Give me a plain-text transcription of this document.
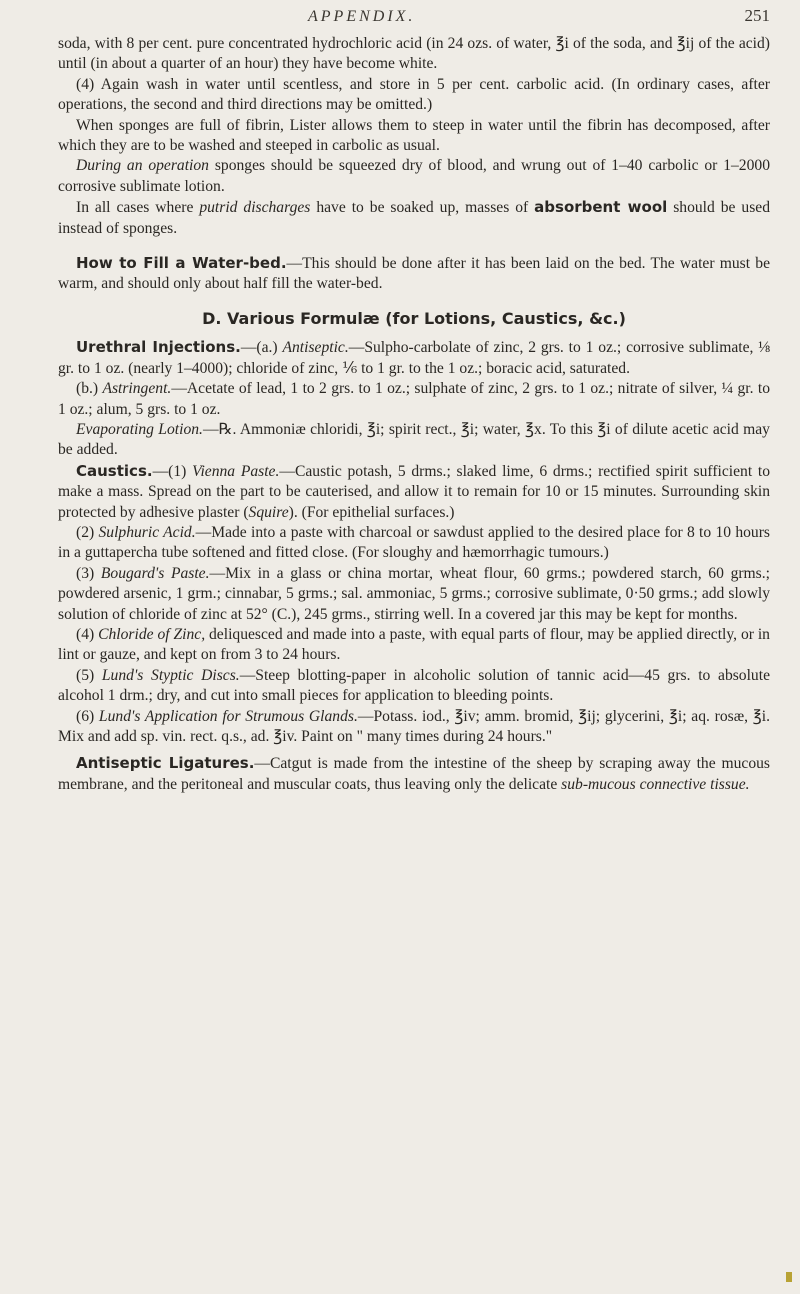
APPENDIX.	251

soda, with 8 per cent. pure concentrated hydrochloric acid (in 24 ozs. of water, ℥i of the soda, and ℥ij of the acid) until (in about a quarter of an hour) they have become white.

(4) Again wash in water until scentless, and store in 5 per cent. carbolic acid. (In ordinary cases, after operations, the second and third directions may be omitted.)

When sponges are full of fibrin, Lister allows them to steep in water until the fibrin has decomposed, after which they are to be washed and steeped in carbolic as usual.

During an operation sponges should be squeezed dry of blood, and wrung out of 1–40 carbolic or 1–2000 corrosive sublimate lotion.

In all cases where putrid discharges have to be soaked up, masses of absorbent wool should be used instead of sponges.

How to Fill a Water-bed.—This should be done after it has been laid on the bed. The water must be warm, and should only about half fill the water-bed.

D. Various Formulæ (for Lotions, Caustics, &c.)

Urethral Injections.—(a.) Antiseptic.—Sulpho-carbolate of zinc, 2 grs. to 1 oz.; corrosive sublimate, ⅛ gr. to 1 oz. (nearly 1–4000); chloride of zinc, ⅙ to 1 gr. to the 1 oz.; boracic acid, saturated.

(b.) Astringent.—Acetate of lead, 1 to 2 grs. to 1 oz.; sulphate of zinc, 2 grs. to 1 oz.; nitrate of silver, ¼ gr. to 1 oz.; alum, 5 grs. to 1 oz.

Evaporating Lotion.—℞. Ammoniæ chloridi, ℥i; spirit rect., ℥i; water, ℥x. To this ℥i of dilute acetic acid may be added.

Caustics.—(1) Vienna Paste.—Caustic potash, 5 drms.; slaked lime, 6 drms.; rectified spirit sufficient to make a mass. Spread on the part to be cauterised, and allow it to remain for 10 or 15 minutes. Surrounding skin protected by adhesive plaster (Squire). (For epithelial surfaces.)

(2) Sulphuric Acid.—Made into a paste with charcoal or sawdust applied to the desired place for 8 to 10 hours in a guttapercha tube softened and fitted close. (For sloughy and hæmorrhagic tumours.)

(3) Bougard's Paste.—Mix in a glass or china mortar, wheat flour, 60 grms.; powdered starch, 60 grms.; powdered arsenic, 1 grm.; cinnabar, 5 grms.; sal. ammoniac, 5 grms.; corrosive sublimate, 0·50 grms.; add slowly solution of chloride of zinc at 52° (C.), 245 grms., stirring well. In a covered jar this may be kept for months.

(4) Chloride of Zinc, deliquesced and made into a paste, with equal parts of flour, may be applied directly, or in lint or gauze, and kept on from 3 to 24 hours.

(5) Lund's Styptic Discs.—Steep blotting-paper in alcoholic solution of tannic acid—45 grs. to absolute alcohol 1 drm.; dry, and cut into small pieces for application to bleeding points.

(6) Lund's Application for Strumous Glands.—Potass. iod., ℥iv; amm. bromid, ℥ij; glycerini, ℥i; aq. rosæ, ℥i. Mix and add sp. vin. rect. q.s., ad. ℥iv. Paint on " many times during 24 hours."

Antiseptic Ligatures.—Catgut is made from the intestine of the sheep by scraping away the mucous membrane, and the peritoneal and muscular coats, thus leaving only the delicate sub-mucous connective tissue.
